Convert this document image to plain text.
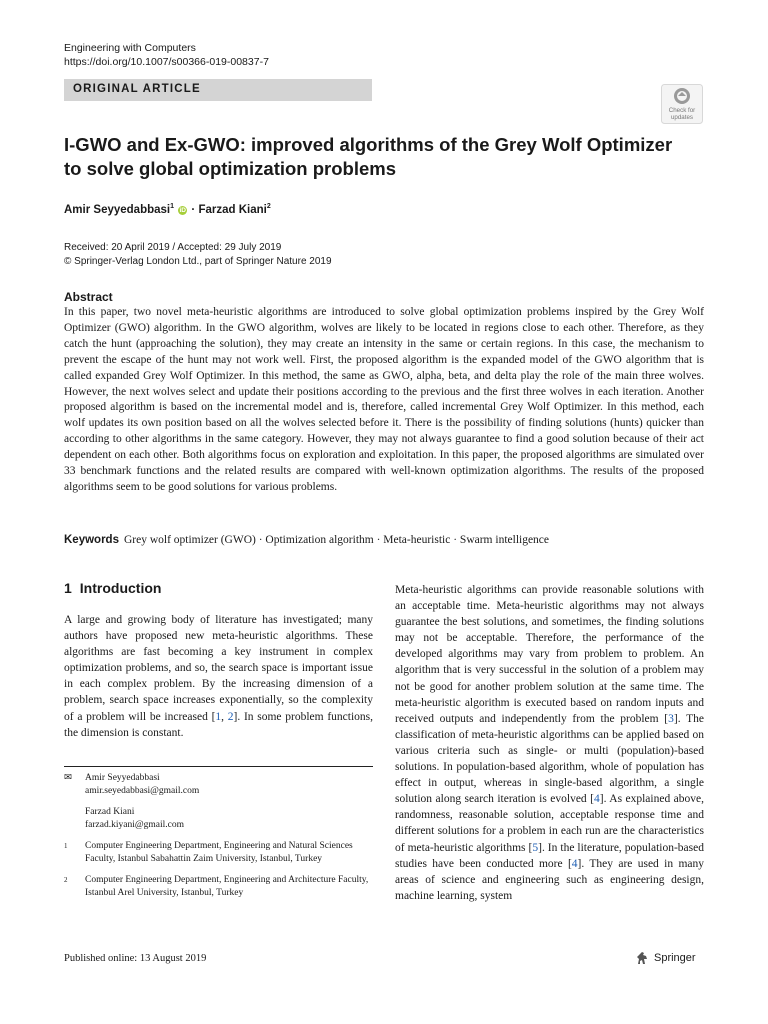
Engineering with Computers
https://doi.org/10.1007/s00366-019-00837-7
ORIGINAL ARTICLE
Check for
updates
I-GWO and Ex-GWO: improved algorithms of the Grey Wolf Optimizer
to solve global optimization problems
Amir Seyyedabbasi$^1$ iD · Farzad Kiani$^2$
Received: 20 April 2019 / Accepted: 29 July 2019
© Springer-Verlag London Ltd., part of Springer Nature 2019
Abstract
In this paper, two novel meta-heuristic algorithms are introduced to solve global optimization problems inspired by the Grey Wolf Optimizer (GWO) algorithm. In the GWO algorithm, wolves are likely to be located in regions close to each other. Therefore, as they catch the hunt (approaching the solution), they may create an intensity in the same or certain regions. In this case, the mechanism to prevent the escape of the hunt may not work well. First, the proposed algorithm is the expanded model of the GWO algorithm that is called expanded Grey Wolf Optimizer. In this method, the same as GWO, alpha, beta, and delta play the role of the main three wolves. However, the next wolves select and update their positions according to the previous and the first three wolves in each iteration. Another proposed algorithm is based on the incremental model and is, therefore, called incremental Grey Wolf Optimizer. In this method, each wolf updates its own position based on all the wolves selected before it. There is the possibility of finding solutions (hunts) quicker than according to other algorithms in the same category. However, they may not always guarantee to find a good solution because of their act dependent on each other. Both algorithms focus on exploration and exploitation. In this paper, the proposed algorithms are simulated over 33 benchmark functions and the related results are compared with well-known optimization algorithms. The results of the proposed algorithms seem to be good solutions for various problems.
Keywords Grey wolf optimizer (GWO) · Optimization algorithm · Meta-heuristic · Swarm intelligence
1 Introduction
A large and growing body of literature has investigated; many authors have proposed new meta-heuristic algorithms. These algorithms are fast becoming a key instrument in complex optimization problems, and so, the search space is important issue in each complex problem. By the increasing dimension of a problem, search space increases exponentially, so the complexity of a problem will be increased [1, 2]. In some problem functions, the dimension is constant.
Meta-heuristic algorithms can provide reasonable solutions with an acceptable time. Meta-heuristic algorithms may not always guarantee the best solutions, and sometimes, the finding solutions may not be acceptable. Therefore, the performance of the developed algorithms may vary from problem to problem. An algorithm that is very successful in the solution of a problem may not be good for another problem solution at the same time. The meta-heuristic algorithm is executed based on random inputs and received outputs and independently from the problem [3]. The classification of meta-heuristic algorithms can be applied based on various criteria such as single- or multi (population)-based solutions. In population-based algorithm, whole of population has effect in output, whereas in single-based algorithm, a single solution along search iteration is evolved [4]. As explained above, randomness, reasonable solution, acceptable response time and different solutions for a problem in each run are the characteristics of meta-heuristic algorithms [5]. In the literature, population-based studies have been conducted more [4]. They are used in many areas of science and engineering such as engineering design, machine learning, system
✉ Amir Seyyedabbasi
amir.seyedabbasi@gmail.com
Farzad Kiani
farzad.kiyani@gmail.com
1 Computer Engineering Department, Engineering and Natural Sciences Faculty, Istanbul Sabahattin Zaim University, Istanbul, Turkey
2 Computer Engineering Department, Engineering and Architecture Faculty, Istanbul Arel University, Istanbul, Turkey
Published online: 13 August 2019	Springer
